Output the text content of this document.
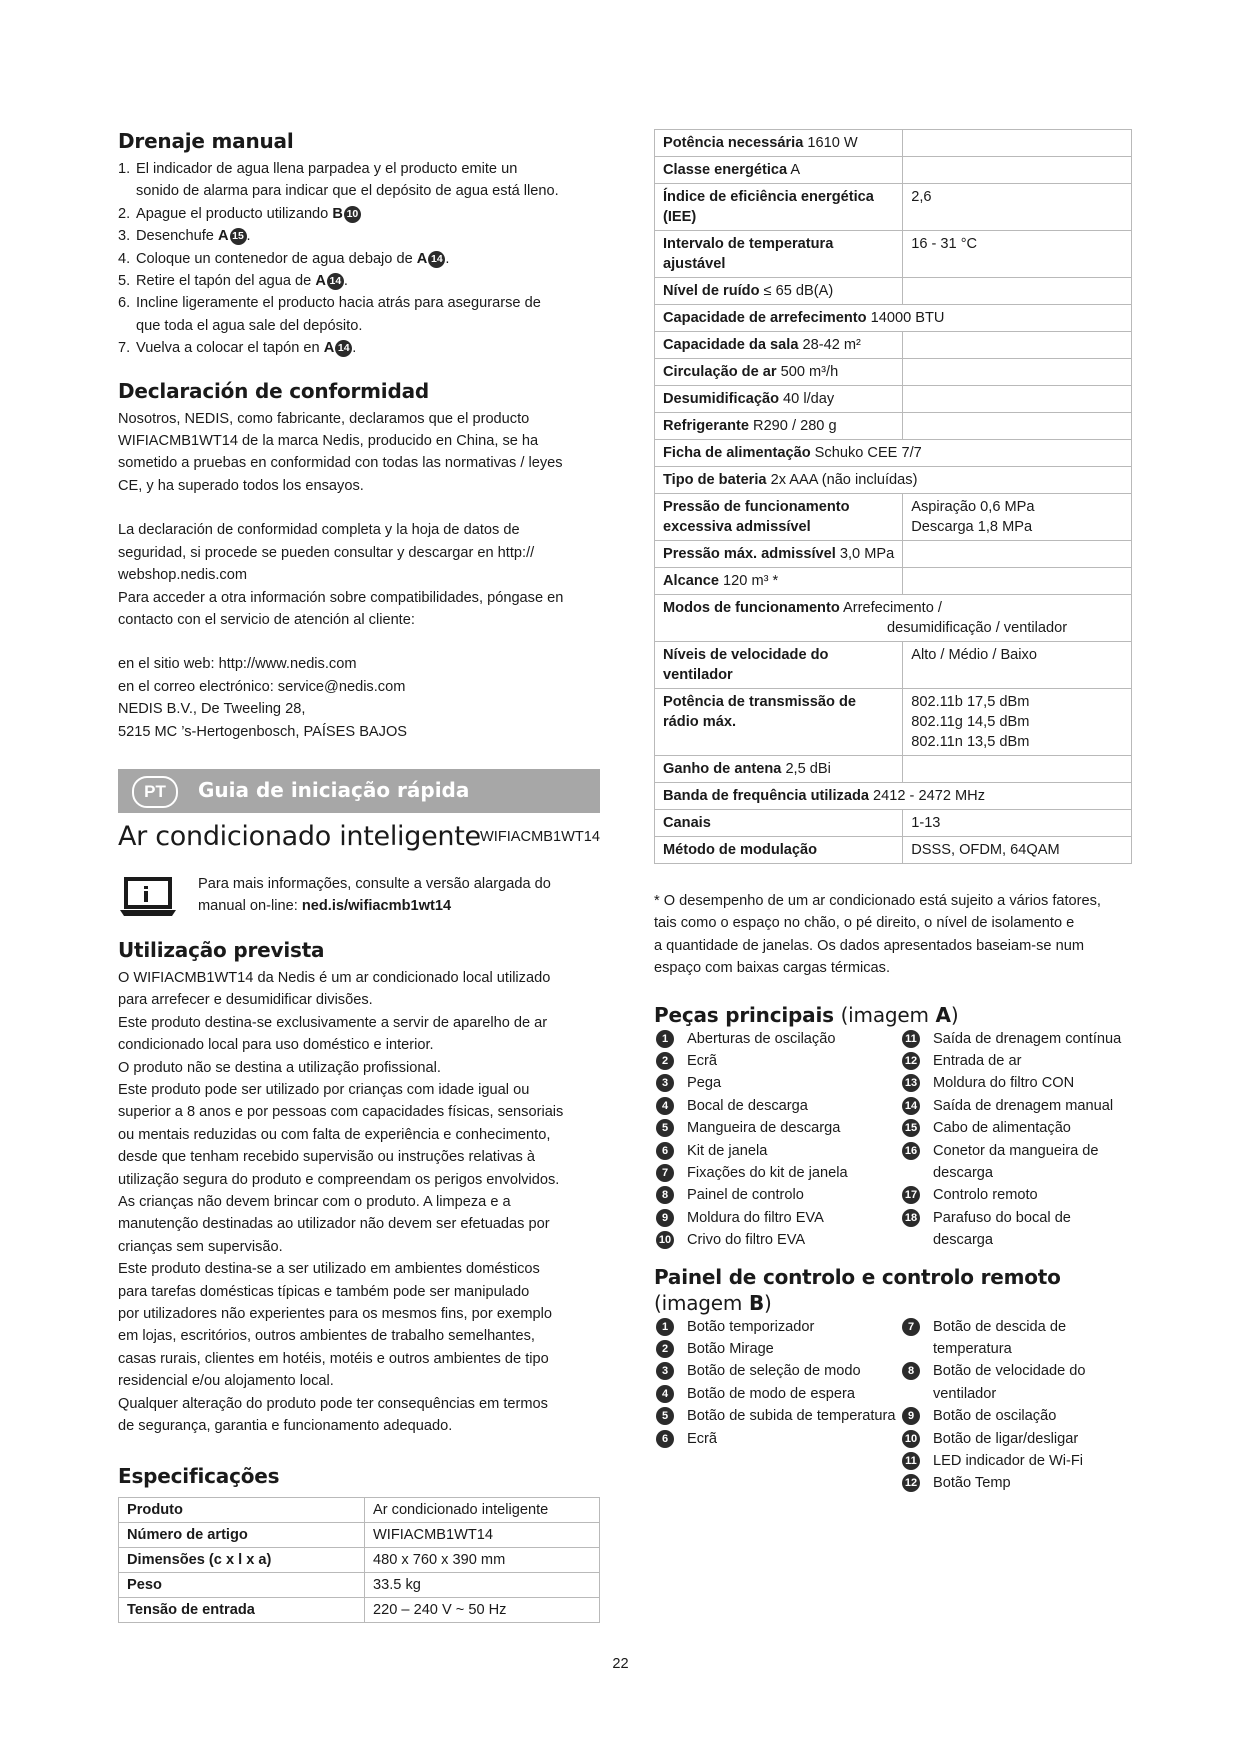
Drenaje manual
1. El indicador de agua llena parpadea y el producto emite un
sonido de alarma para indicar que el depósito de agua está lleno.
2. Apague el producto utilizando B 10
3. Desenchufe A 15 .
4. Coloque un contenedor de agua debajo de A 14 .
5. Retire el tapón del agua de A 14 .
6. Incline ligeramente el producto hacia atrás para asegurarse de
que toda el agua sale del depósito.
7. Vuelva a colocar el tapón en A 14 .
Declaración de conformidad

Nosotros, NEDIS, como fabricante, declaramos que el producto
WIFIACMB1WT14 de la marca Nedis, producido en China, se ha
sometido a pruebas en conformidad con todas las normativas / leyes
CE, y ha superado todos los ensayos.

La declaración de conformidad completa y la hoja de datos de
seguridad, si procede se pueden consultar y descargar en http://
webshop.nedis.com
Para acceder a otra información sobre compatibilidades, póngase en
contacto con el servicio de atención al cliente:

en el sitio web: http://www.nedis.com
en el correo electrónico: service@nedis.com
NEDIS B.V., De Tweeling 28,
5215 MC ’s-Hertogenbosch, PAÍSES BAJOS

PT	Guia de iniciação rápida
Ar condicionado inteligente WIFIACMB1WT14
Para mais informações, consulte a versão alargada do
manual on-line: ned.is/wifiacmb1wt14
Utilização prevista

O WIFIACMB1WT14 da Nedis é um ar condicionado local utilizado
para arrefecer e desumidificar divisões.
Este produto destina-se exclusivamente a servir de aparelho de ar
condicionado local para uso doméstico e interior.
O produto não se destina a utilização profissional.
Este produto pode ser utilizado por crianças com idade igual ou
superior a 8 anos e por pessoas com capacidades físicas, sensoriais
ou mentais reduzidas ou com falta de experiência e conhecimento,
desde que tenham recebido supervisão ou instruções relativas à
utilização segura do produto e compreendam os perigos envolvidos.
As crianças não devem brincar com o produto. A limpeza e a
manutenção destinadas ao utilizador não devem ser efetuadas por
crianças sem supervisão.
Este produto destina-se a ser utilizado em ambientes domésticos
para tarefas domésticas típicas e também pode ser manipulado
por utilizadores não experientes para os mesmos fins, por exemplo
em lojas, escritórios, outros ambientes de trabalho semelhantes,
casas rurais, clientes em hotéis, motéis e outros ambientes de tipo
residencial e/ou alojamento local.
Qualquer alteração do produto pode ter consequências em termos
de segurança, garantia e funcionamento adequado.

Especificações
Produto	Ar condicionado inteligente
Número de artigo	WIFIACMB1WT14
Dimensões (c x l x a)	480 x 760 x 390 mm
Peso	33.5 kg
Tensão de entrada	220 – 240 V ~ 50 Hz
Potência necessária 1610 W	
Classe energética A	
Índice de eficiência energética (IEE)	2,6
Intervalo de temperatura ajustável	16 - 31 °C
Nível de ruído ≤ 65 dB(A)	
Capacidade de arrefecimento 14000 BTU	
Capacidade da sala 28-42 m²	
Circulação de ar 500 m³/h	
Desumidificação 40 l/day	
Refrigerante R290 / 280 g	
Ficha de alimentação Schuko CEE 7/7	
Tipo de bateria 2x AAA (não incluídas)	
Pressão de funcionamento excessiva admissível	Aspiração 0,6 MPa
Descarga 1,8 MPa
Pressão máx. admissível 3,0 MPa	
Alcance 120 m³ *	
Modos de funcionamento Arrefecimento /
desumidificação / ventilador	
Níveis de velocidade do ventilador	Alto / Médio / Baixo
Potência de transmissão de rádio máx.	802.11b 17,5 dBm
802.11g 14,5 dBm
802.11n 13,5 dBm
Ganho de antena 2,5 dBi	
Banda de frequência utilizada 2412 - 2472 MHz	
Canais	1-13
Método de modulação	DSSS, OFDM, 64QAM

* O desempenho de um ar condicionado está sujeito a vários fatores,
tais como o espaço no chão, o pé direito, o nível de isolamento e
a quantidade de janelas. Os dados apresentados baseiam-se num
espaço com baixas cargas térmicas.

Peças principais (imagem A)
1	Aberturas de oscilação
2	Ecrã
3	Pega
4	Bocal de descarga
5	Mangueira de descarga
6	Kit de janela
7	Fixações do kit de janela
8	Painel de controlo
9	Moldura do filtro EVA
10 Crivo do filtro EVA
11 Saída de drenagem contínua
12 Entrada de ar
13 Moldura do filtro CON
14 Saída de drenagem manual
15 Cabo de alimentação
16 Conetor da mangueira de descarga
17 Controlo remoto
18 Parafuso do bocal de descarga
Painel de controlo e controlo remoto (imagem B)
1	Botão temporizador
2	Botão Mirage
3	Botão de seleção de modo
4	Botão de modo de espera
5	Botão de subida de temperatura
6	Ecrã
7	Botão de descida de temperatura
8	Botão de velocidade do ventilador
9	Botão de oscilação
10 Botão de ligar/desligar
11 LED indicador de Wi-Fi
12 Botão Temp
22
